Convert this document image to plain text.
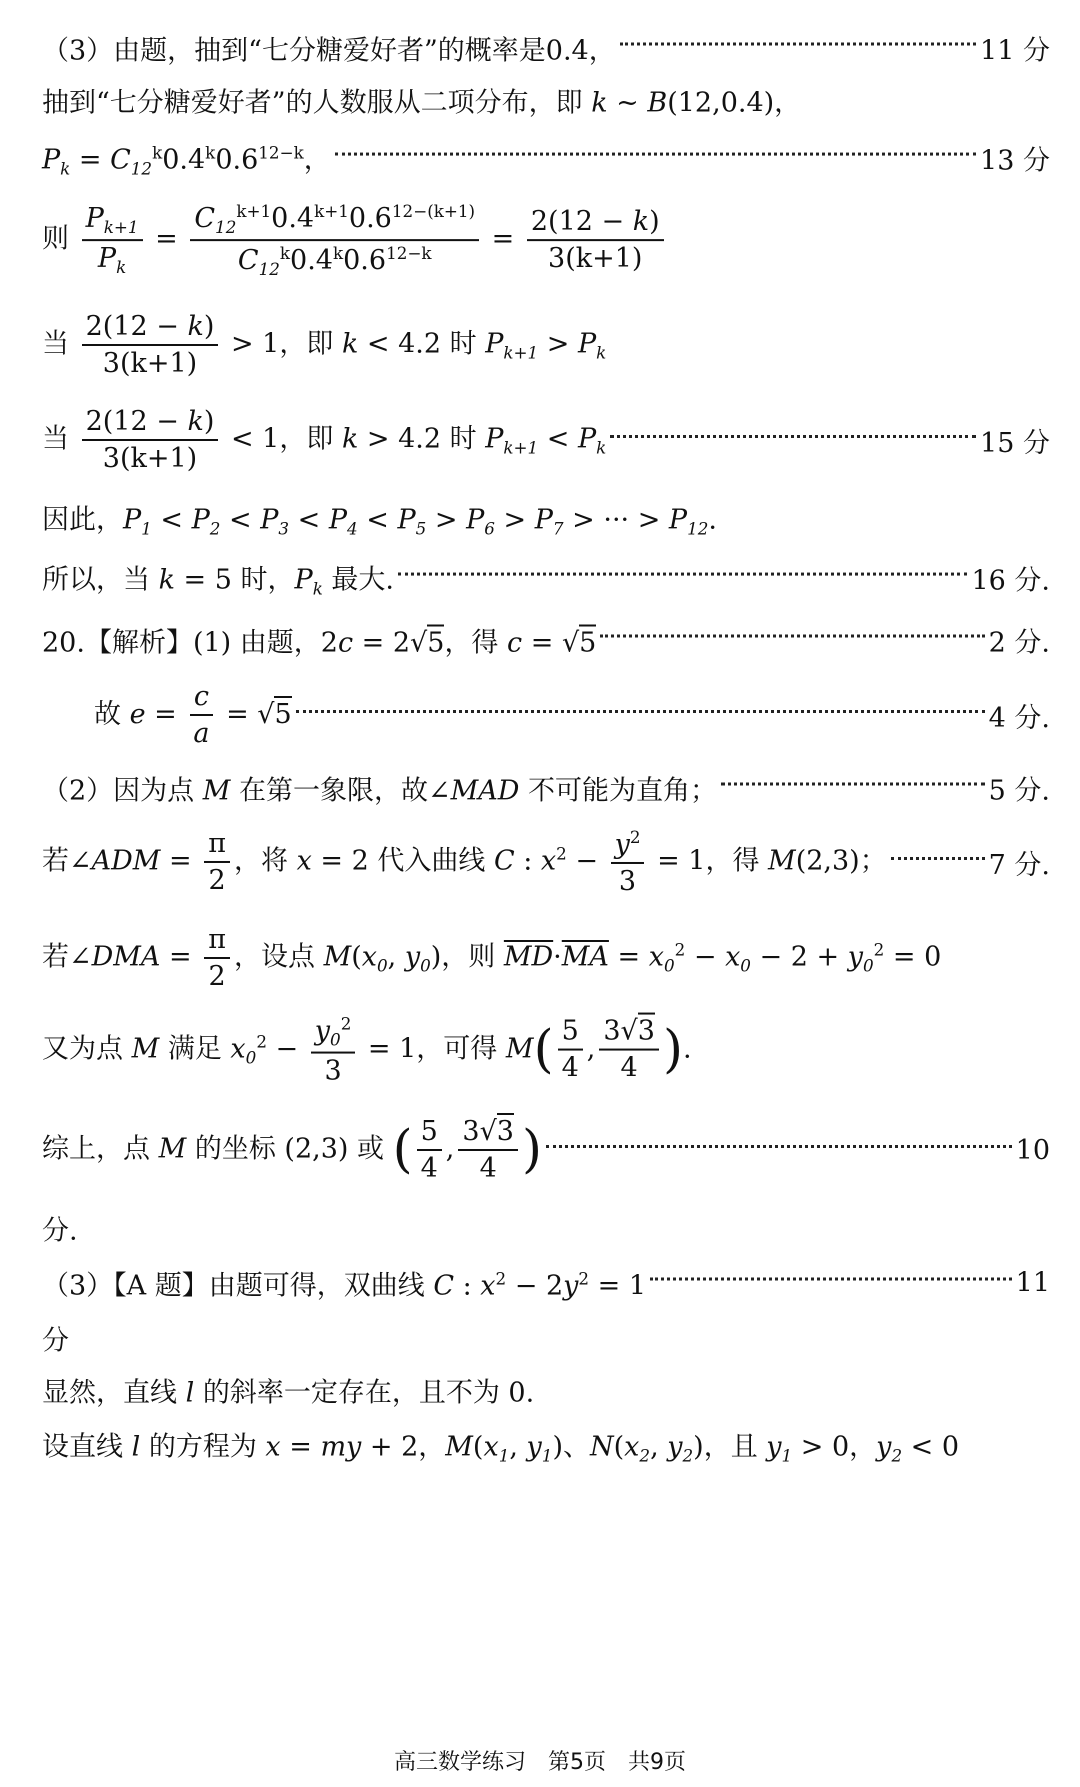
（3）由题，抽到“七分糖爱好者”的概率是0.4，	11 分
抽到“七分糖爱好者”的人数服从二项分布，即 k ~ B(12,0.4)，
$P_k = C_{12}^k0.4^k0.6^{12-k}$，	13 分
则 $\frac{P_{k+1}}{P_k} = \frac{C_{12}^{k+1}0.4^{k+1}0.6^{12-(k+1)}}{C_{12}^k0.4^k0.6^{12-k}} = \frac{2(12 - k)}{3(k+1)}$
当 $\frac{2(12 - k)}{3(k+1)} > 1$，即 k < 4.2 时 $P_{k+1} > P_k$
当 $\frac{2(12 - k)}{3(k+1)} < 1$，即 k > 4.2 时 $P_{k+1} < P_k$	15 分
因此，$P_1 < P_2 < P_3 < P_4 < P_5 > P_6 > P_7$ > ··· > $P_{12}$.
所以，当 k = 5 时，$P_k$ 最大.	16 分.
20.【解析】(1) 由题，2c = 2√5，得 c = √5	2 分.
故 $e = \frac{c}{a} = √5$	4 分.
（2）因为点 M 在第一象限，故∠MAD 不可能为直角；	5 分.
若∠ADM = $\frac{\pi}{2}$ ，将 x = 2 代入曲线 C : $x^2 - \frac{y^2}{3} = 1$，得 M(2,3)；	7 分.
若∠DMA = $\frac{\pi}{2}$ ，设点 $M(x_0$, $y_0$)，则 $\overline{MD}\cdot\overline{MA} = x_0^2 - x_0 - 2 + y_0^2 = 0$
又为点 M 满足 $x_0^2 - \frac{y_0^2}{3} = 1$，可得 $M( \frac{5}{4}$ , $\frac{3√3}{4}$ ).
综上，点 M 的坐标 (2,3) 或 ( $\frac{5}{4}$ , $\frac{3√3}{4}$ )	10
分.
（3）【A 题】由题可得，双曲线 C : $x^2 - 2y^2 = 1$	11
分
显然，直线 l 的斜率一定存在，且不为 0.
设直线 l 的方程为 x = my + 2，$M(x_1$, $y_1$)、$N(x_2$, $y_2$)，且 $y_1 > 0$，$y_2 < 0$
高三数学练习　第5页　共9页
